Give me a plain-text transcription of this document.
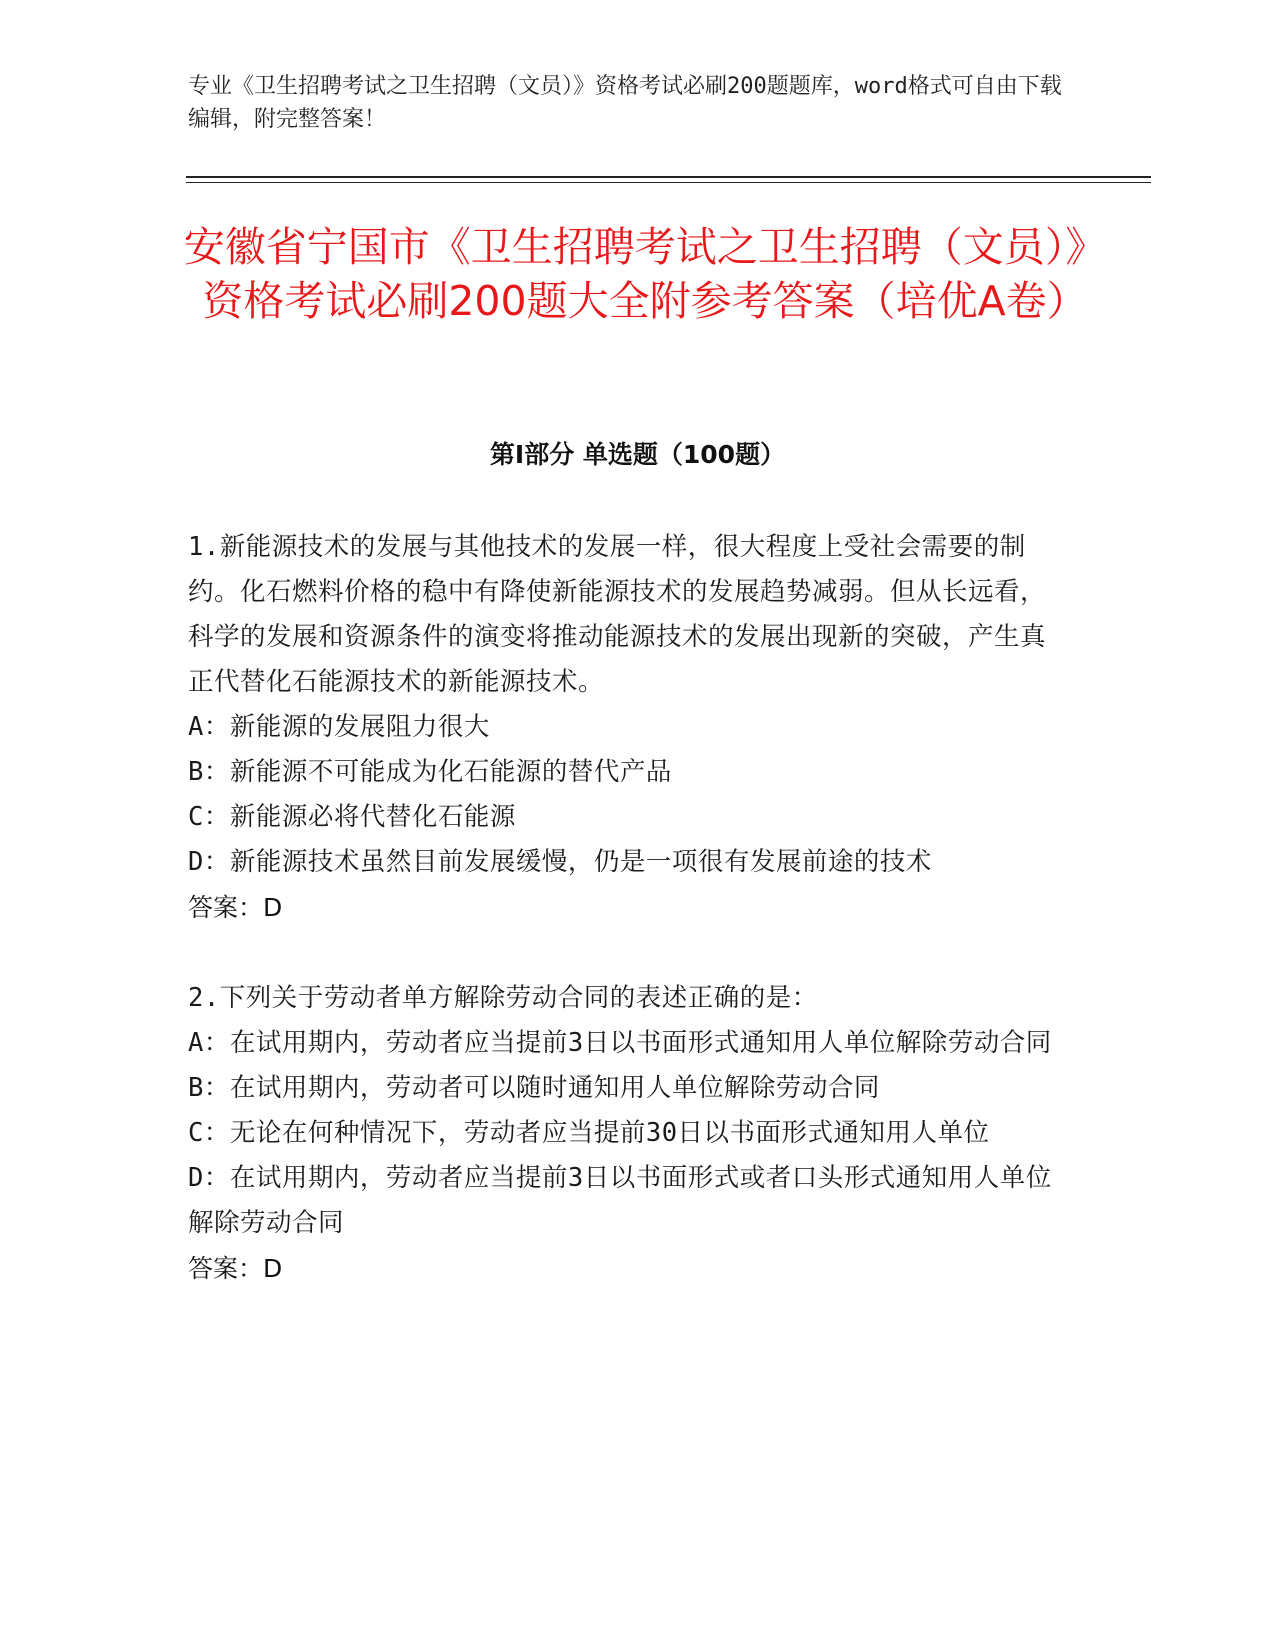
专业《卫生招聘考试之卫生招聘（文员）》资格考试必刷200题题库，word格式可自由下载编辑，附完整答案！
安徽省宁国市《卫生招聘考试之卫生招聘（文员）》资格考试必刷200题大全附参考答案（培优A卷）
第Ⅰ部分 单选题（100题）

1.新能源技术的发展与其他技术的发展一样，很大程度上受社会需要的制约。化石燃料价格的稳中有降使新能源技术的发展趋势减弱。但从长远看，科学的发展和资源条件的演变将推动能源技术的发展出现新的突破，产生真正代替化石能源技术的新能源技术。

A：新能源的发展阻力很大

B：新能源不可能成为化石能源的替代产品

C：新能源必将代替化石能源

D：新能源技术虽然目前发展缓慢，仍是一项很有发展前途的技术

答案：D

2.下列关于劳动者单方解除劳动合同的表述正确的是：

A：在试用期内，劳动者应当提前3日以书面形式通知用人单位解除劳动合同

B：在试用期内，劳动者可以随时通知用人单位解除劳动合同

C：无论在何种情况下，劳动者应当提前30日以书面形式通知用人单位

D：在试用期内，劳动者应当提前3日以书面形式或者口头形式通知用人单位解除劳动合同

答案：D
